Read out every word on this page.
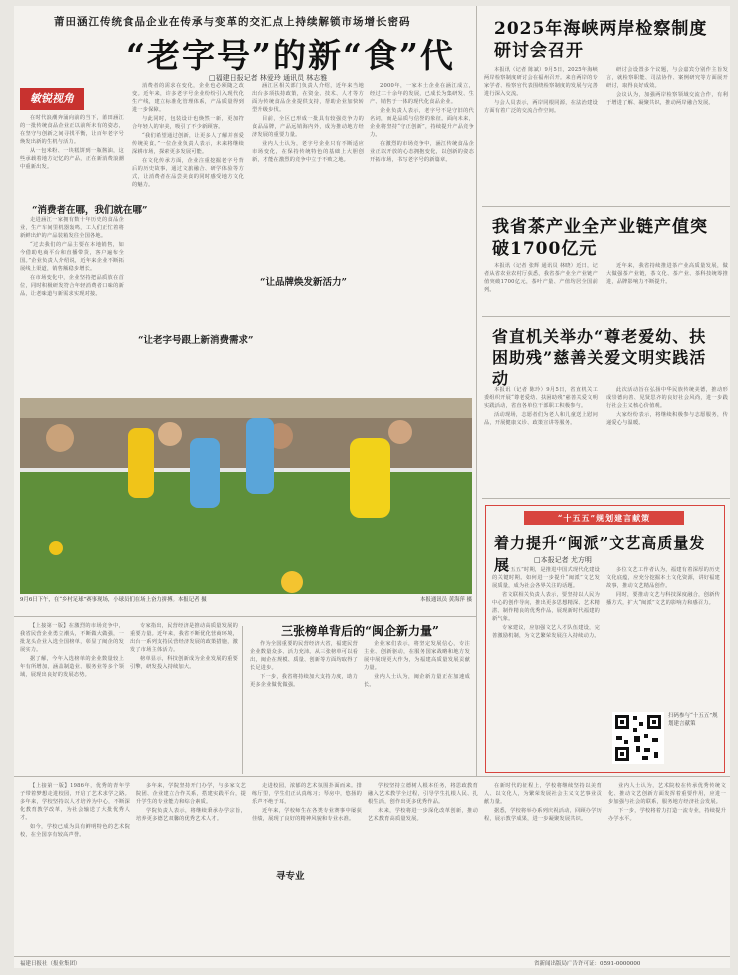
莆田涵江传统食品企业在传承与变革的交汇点上持续解锁市场增长密码
“老字号”的新“食”代
□福建日报记者 林爱玲 通讯员 林志雅
敏锐视角

在时代浪潮奔涌向前的当下，莆田涵江的一批传统食品企业正以前所未有的姿态，在坚守与创新之间寻找平衡，让百年老字号焕发出新的生机与活力。

从一包米粉、一块糕饼到一瓶酱油，这些承载着地方记忆的产品，正在新消费浪潮中重新出发。

“消费者在哪，我们就在哪”

走进涵江一家拥有数十年历史的食品企业，生产车间里机器轰鸣，工人们正忙着将新鲜出炉的产品装箱发往全国各地。

“过去我们的产品主要在本地销售，如今借助电商平台和直播带货，客户遍布全国。”企业负责人介绍说，近年来企业不断拓展线上渠道，销售额稳步增长。

在市场变化中，企业坚持把品质放在首位，同时积极研发符合年轻消费者口味的新品，让老味道与新需求实现对接。

消费者的需求在变化，企业也必须随之改变。近年来，许多老字号企业纷纷引入现代化生产线，建立标准化管理体系，产品质量得到进一步保障。

与此同时，包装设计也焕然一新，更加符合年轻人的审美，吸引了不少新顾客。

“我们希望通过创新，让更多人了解并喜爱传统美食。”一位企业负责人表示，未来将继续深耕市场，探索更多发展可能。

在文化传承方面，企业注重挖掘老字号背后的历史故事，通过文旅融合、研学体验等方式，让消费者在品尝美食的同时感受地方文化的魅力。

“让老字号跟上新消费需求”

涵江区相关部门负责人介绍，近年来当地出台多项扶持政策，在资金、技术、人才等方面为传统食品企业提供支持，帮助企业加快转型升级步伐。

目前，全区已形成一批具有较强竞争力的食品品牌，产品远销海内外，成为推动地方经济发展的重要力量。

业内人士认为，老字号企业只有不断适应市场变化，在保持传统特色的基础上大胆创新，才能在激烈的竞争中立于不败之地。

“让品牌焕发新活力”

2000年，一家本土企业在涵江成立，经过二十余年的发展，已成长为集研发、生产、销售于一体的现代化食品企业。

企业负责人表示，老字号不是守旧的代名词，而是品质与信誉的象征。面向未来，企业将坚持“守正创新”，持续提升产品竞争力。

在激烈的市场竞争中，涵江传统食品企业正以开放的心态拥抱变化，以创新的姿态开拓市场，书写老字号的新篇章。

9月6日下午，在“乡村足球”赛事现场，小球员们在场上奋力拼搏。本报记者 摄	本报通讯员 黄海萍 摄
2025年海峡两岸检察制度研讨会召开

本报讯（记者 陈斌）9月5日，2025年海峡两岸检察制度研讨会在福州召开。来自两岸的专家学者、检察官代表围绕检察制度的发展与完善进行深入交流。

与会人员表示，两岸同根同源，在法治建设方面有着广泛的交流合作空间。

研讨会设置多个议题，与会嘉宾分别作主旨发言，就检察职能、司法协作、案例研究等方面展开研讨，取得良好成效。

会议认为，加强两岸检察领域交流合作，有利于增进了解、凝聚共识，推动两岸融合发展。

我省茶产业全产业链产值突破1700亿元

本报讯（记者 张辉 通讯员 林晓）近日，记者从省农业农村厅获悉，我省茶产业全产业链产值突破1700亿元，茶叶产量、产值均居全国前列。

近年来，我省持续推进茶产业高质量发展，做大做强茶产业链，茶文化、茶产业、茶科技统筹推进，品牌影响力不断提升。

省直机关举办“尊老爱幼、扶困助残”慈善关爱文明实践活动

本报讯（记者 陈玲）9月5日，省直机关工委组织开展“尊老爱幼、扶困助残”慈善关爱文明实践活动，省直各单位干部职工积极参与。

活动现场，志愿者们为老人和儿童送上慰问品，开展健康义诊、政策宣讲等服务。

此次活动旨在弘扬中华民族传统美德，推动形成崇德向善、见贤思齐的良好社会风尚，进一步践行社会主义核心价值观。

大家纷纷表示，将继续积极参与志愿服务，传递爱心与温暖。

“十五五”规划建言献策
着力提升“闽派”文艺高质量发展	□本报记者 尤方明

“十五五”时期，是推进中国式现代化建设的关键时期。如何进一步提升“闽派”文艺发展质量，成为社会各界关注的话题。

省文联相关负责人表示，要坚持以人民为中心的创作导向，推出更多思想精深、艺术精湛、制作精良的优秀作品，展现新时代福建的新气象。

专家建议，应加强文艺人才队伍建设，完善激励机制，为文艺繁荣发展注入持续动力。

多位文艺工作者认为，福建有着深厚的历史文化底蕴，应充分挖掘本土文化资源，讲好福建故事，推动文艺精品创作。

同时，要推动文艺与科技深度融合，创新传播方式，扩大“闽派”文艺的影响力和感召力。

扫码参与“十五五”规划建言献策

【上接第一版】在激烈的市场竞争中，我省民营企业勇立潮头，不断做大做强，一批龙头企业入选全国榜单，彰显了闽企的发展实力。

据了解，今年入选榜单的企业数量较上年有所增加，涵盖制造业、服务业等多个领域，展现出良好的发展态势。

专家指出，民营经济是推动高质量发展的重要力量。近年来，我省不断优化营商环境，出台一系列支持民营经济发展的政策措施，激发了市场主体活力。

榜单显示，科技创新成为企业发展的重要引擎，研发投入持续加大。

三张榜单背后的“闽企新力量”

作为全国重要的民营经济大省，福建民营企业数量众多、活力充沛。从三张榜单可以看出，闽企在规模、质量、创新等方面均取得了长足进步。

下一步，我省将持续加大支持力度，助力更多企业做优做强。

企业家们表示，将坚定发展信心，专注主业、创新驱动，在服务国家战略和地方发展中展现更大作为，为福建高质量发展贡献力量。

业内人士认为，闽企新力量正在加速成长。

【上接第一版】1986年，优秀的青年学子带着梦想走进校园，开启了艺术求学之路。多年来，学校坚持以人才培养为中心，不断深化教育教学改革，为社会输送了大批优秀人才。

如今，学校已成为具有鲜明特色的艺术院校，在全国享有较高声誉。

多年来，学院坚持开门办学，与多家文艺院团、企业建立合作关系，搭建实践平台，提升学生的专业能力和综合素质。

学院负责人表示，将继续秉承办学宗旨，培养更多德艺双馨的优秀艺术人才。

寻专业

走进校园，浓郁的艺术氛围扑面而来。排练厅里，学生们正认真练习；琴房中，悠扬的乐声不绝于耳。

近年来，学校师生在各类专业赛事中屡获佳绩，展现了良好的精神风貌和专业水准。

学校坚持立德树人根本任务，将思政教育融入艺术教学全过程，引导学生扎根人民、扎根生活，创作出更多优秀作品。

未来，学校将进一步深化改革创新，推动艺术教育高质量发展。

在新时代的征程上，学校将继续坚持以美育人、以文化人，为繁荣发展社会主义文艺事业贡献力量。

据悉，学校将举办系列庆祝活动，回顾办学历程，展示教学成果，进一步凝聚发展共识。

业内人士认为，艺术院校在传承优秀传统文化、推动文艺创新方面发挥着重要作用，应进一步加强与社会的联系，服务地方经济社会发展。

下一步，学校将着力打造一流专业，持续提升办学水平。

福建日报社（报业集团）	省新闻出版局广告许可证：0591-0000000
